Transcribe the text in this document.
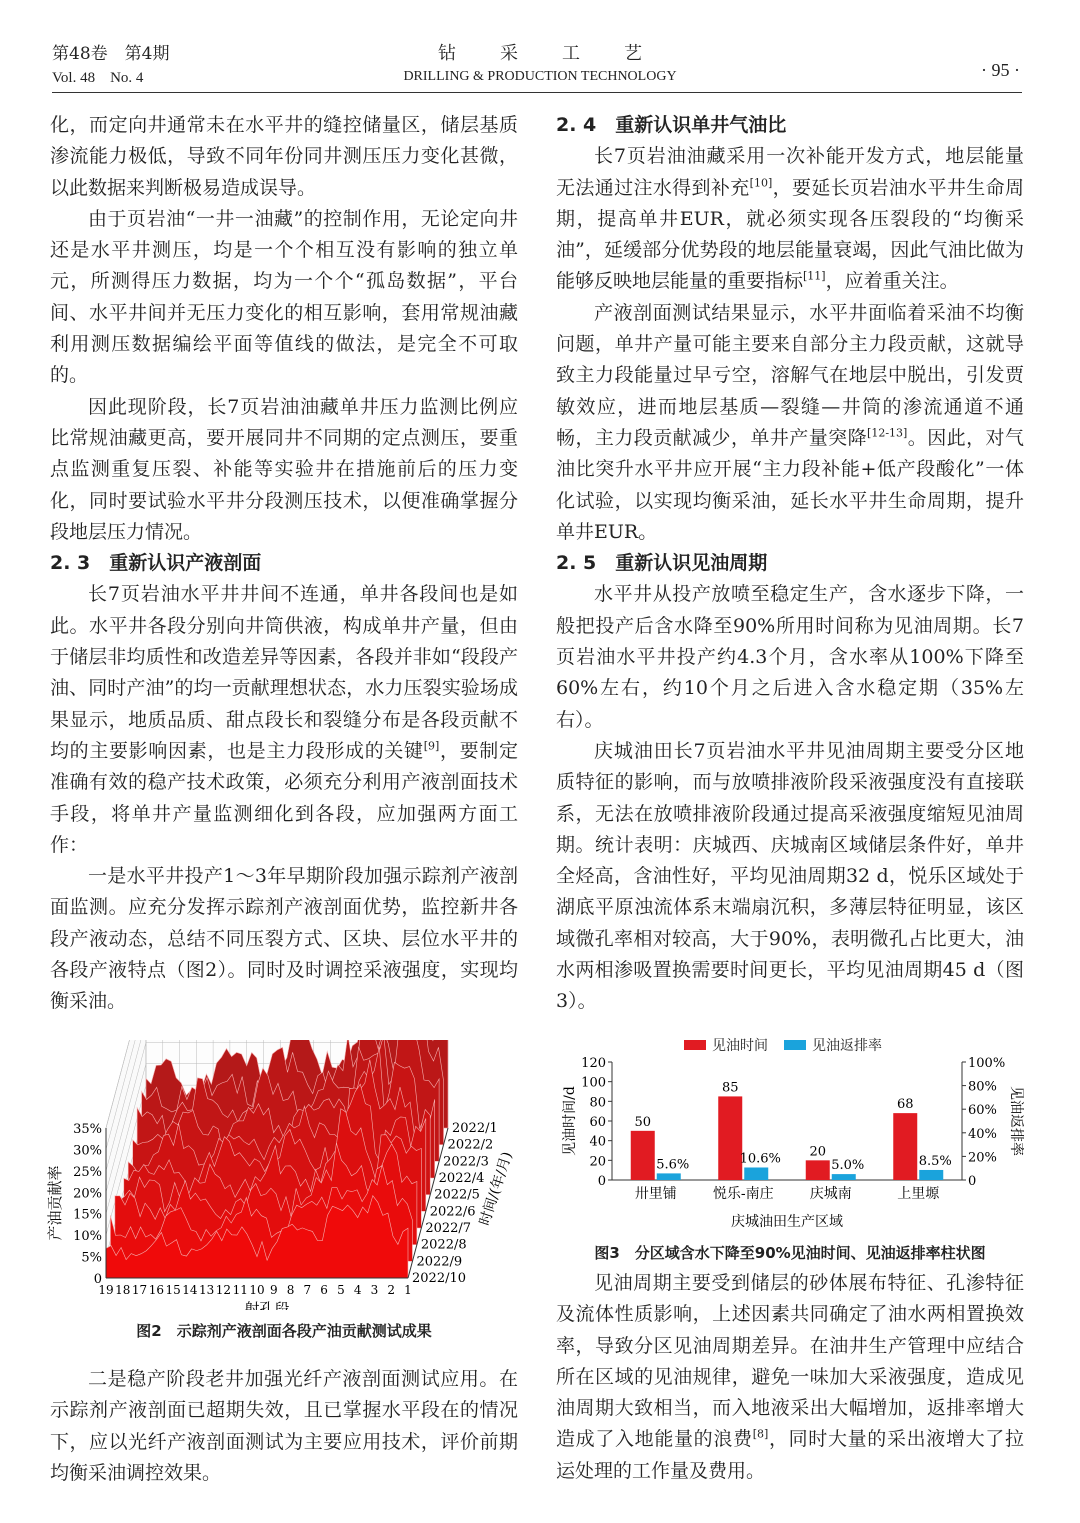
第48卷　第4期
Vol. 48　No. 4
钻采工艺
DRILLING & PRODUCTION TECHNOLOGY	· 95 ·

化，而定向井通常未在水平井的缝控储量区，储层基质渗流能力极低，导致不同年份同井测压压力变化甚微，以此数据来判断极易造成误导。

由于页岩油“一井一油藏”的控制作用，无论定向井还是水平井测压，均是一个个相互没有影响的独立单元，所测得压力数据，均为一个个“孤岛数据”，平台间、水平井间并无压力变化的相互影响，套用常规油藏利用测压数据编绘平面等值线的做法，是完全不可取的。

因此现阶段，长7页岩油油藏单井压力监测比例应比常规油藏更高，要开展同井不同期的定点测压，要重点监测重复压裂、补能等实验井在措施前后的压力变化，同时要试验水平井分段测压技术，以便准确掌握分段地层压力情况。

2. 3　重新认识产液剖面

长7页岩油水平井井间不连通，单井各段间也是如此。水平井各段分别向井筒供液，构成单井产量，但由于储层非均质性和改造差异等因素，各段并非如“段段产油、同时产油”的均一贡献理想状态，水力压裂实验场成果显示，地质品质、甜点段长和裂缝分布是各段贡献不均的主要影响因素，也是主力段形成的关键[9]，要制定准确有效的稳产技术政策，必须充分利用产液剖面技术手段，将单井产量监测细化到各段，应加强两方面工作：

一是水平井投产1～3年早期阶段加强示踪剂产液剖面监测。应充分发挥示踪剂产液剖面优势，监控新井各段产液动态，总结不同压裂方式、区块、层位水平井的各段产液特点（图2）。同时及时调控采液强度，实现均衡采油。

35%
30%
25%
20%
15%
10%
5%
0
19 18 17 16 15 14 13 12 11 10 9 8 7 6 5 4 3 2 1
2022/1
2022/2
2022/3
2022/4
2022/5
2022/6
2022/7
2022/8
2022/9
2022/10
射孔段
产油贡献率	时间/(年/月)
图2　示踪剂产液剖面各段产油贡献测试成果

二是稳产阶段老井加强光纤产液剖面测试应用。在示踪剂产液剖面已超期失效，且已掌握水平段在的情况下，应以光纤产液剖面测试为主要应用技术，评价前期均衡采油调控效果。

2. 4　重新认识单井气油比

长7页岩油油藏采用一次补能开发方式，地层能量无法通过注水得到补充[10]，要延长页岩油水平井生命周期，提高单井EUR，就必须实现各压裂段的“均衡采油”，延缓部分优势段的地层能量衰竭，因此气油比做为能够反映地层能量的重要指标[11]，应着重关注。

产液剖面测试结果显示，水平井面临着采油不均衡问题，单井产量可能主要来自部分主力段贡献，这就导致主力段能量过早亏空，溶解气在地层中脱出，引发贾敏效应，进而地层基质—裂缝—井筒的渗流通道不通畅，主力段贡献减少，单井产量突降[12-13]。因此，对气油比突升水平井应开展“主力段补能+低产段酸化”一体化试验，以实现均衡采油，延长水平井生命周期，提升单井EUR。

2. 5　重新认识见油周期

水平井从投产放喷至稳定生产，含水逐步下降，一般把投产后含水降至90%所用时间称为见油周期。长7页岩油水平井投产约4.3个月，含水率从100%下降至60%左右，约10个月之后进入含水稳定期（35%左右）。

庆城油田长7页岩油水平井见油周期主要受分区地质特征的影响，而与放喷排液阶段采液强度没有直接联系，无法在放喷排液阶段通过提高采液强度缩短见油周期。统计表明：庆城西、庆城南区域储层条件好，单井全烃高，含油性好，平均见油周期32 d，悦乐区域处于湖底平原浊流体系末端扇沉积，多薄层特征明显，该区域微孔率相对较高，大于90%，表明微孔占比更大，油水两相渗吸置换需要时间更长，平均见油周期45 d（图3）。

见油时间	见油返排率
120
100
80
60
40
20
0
100%
80%
60%
40%
20%
0
50
5.6%
卅里铺
85
10.6%
悦乐-南庄
20
5.0%
庆城南
68
8.5%
上里塬
庆城油田生产区域
见油时间/d	见油返排率
图3　分区域含水下降至90%见油时间、见油返排率柱状图

见油周期主要受到储层的砂体展布特征、孔渗特征及流体性质影响，上述因素共同确定了油水两相置换效率，导致分区见油周期差异。在油井生产管理中应结合所在区域的见油规律，避免一味加大采液强度，造成见油周期大致相当，而入地液采出大幅增加，返排率增大造成了入地能量的浪费[8]，同时大量的采出液增大了拉运处理的工作量及费用。
